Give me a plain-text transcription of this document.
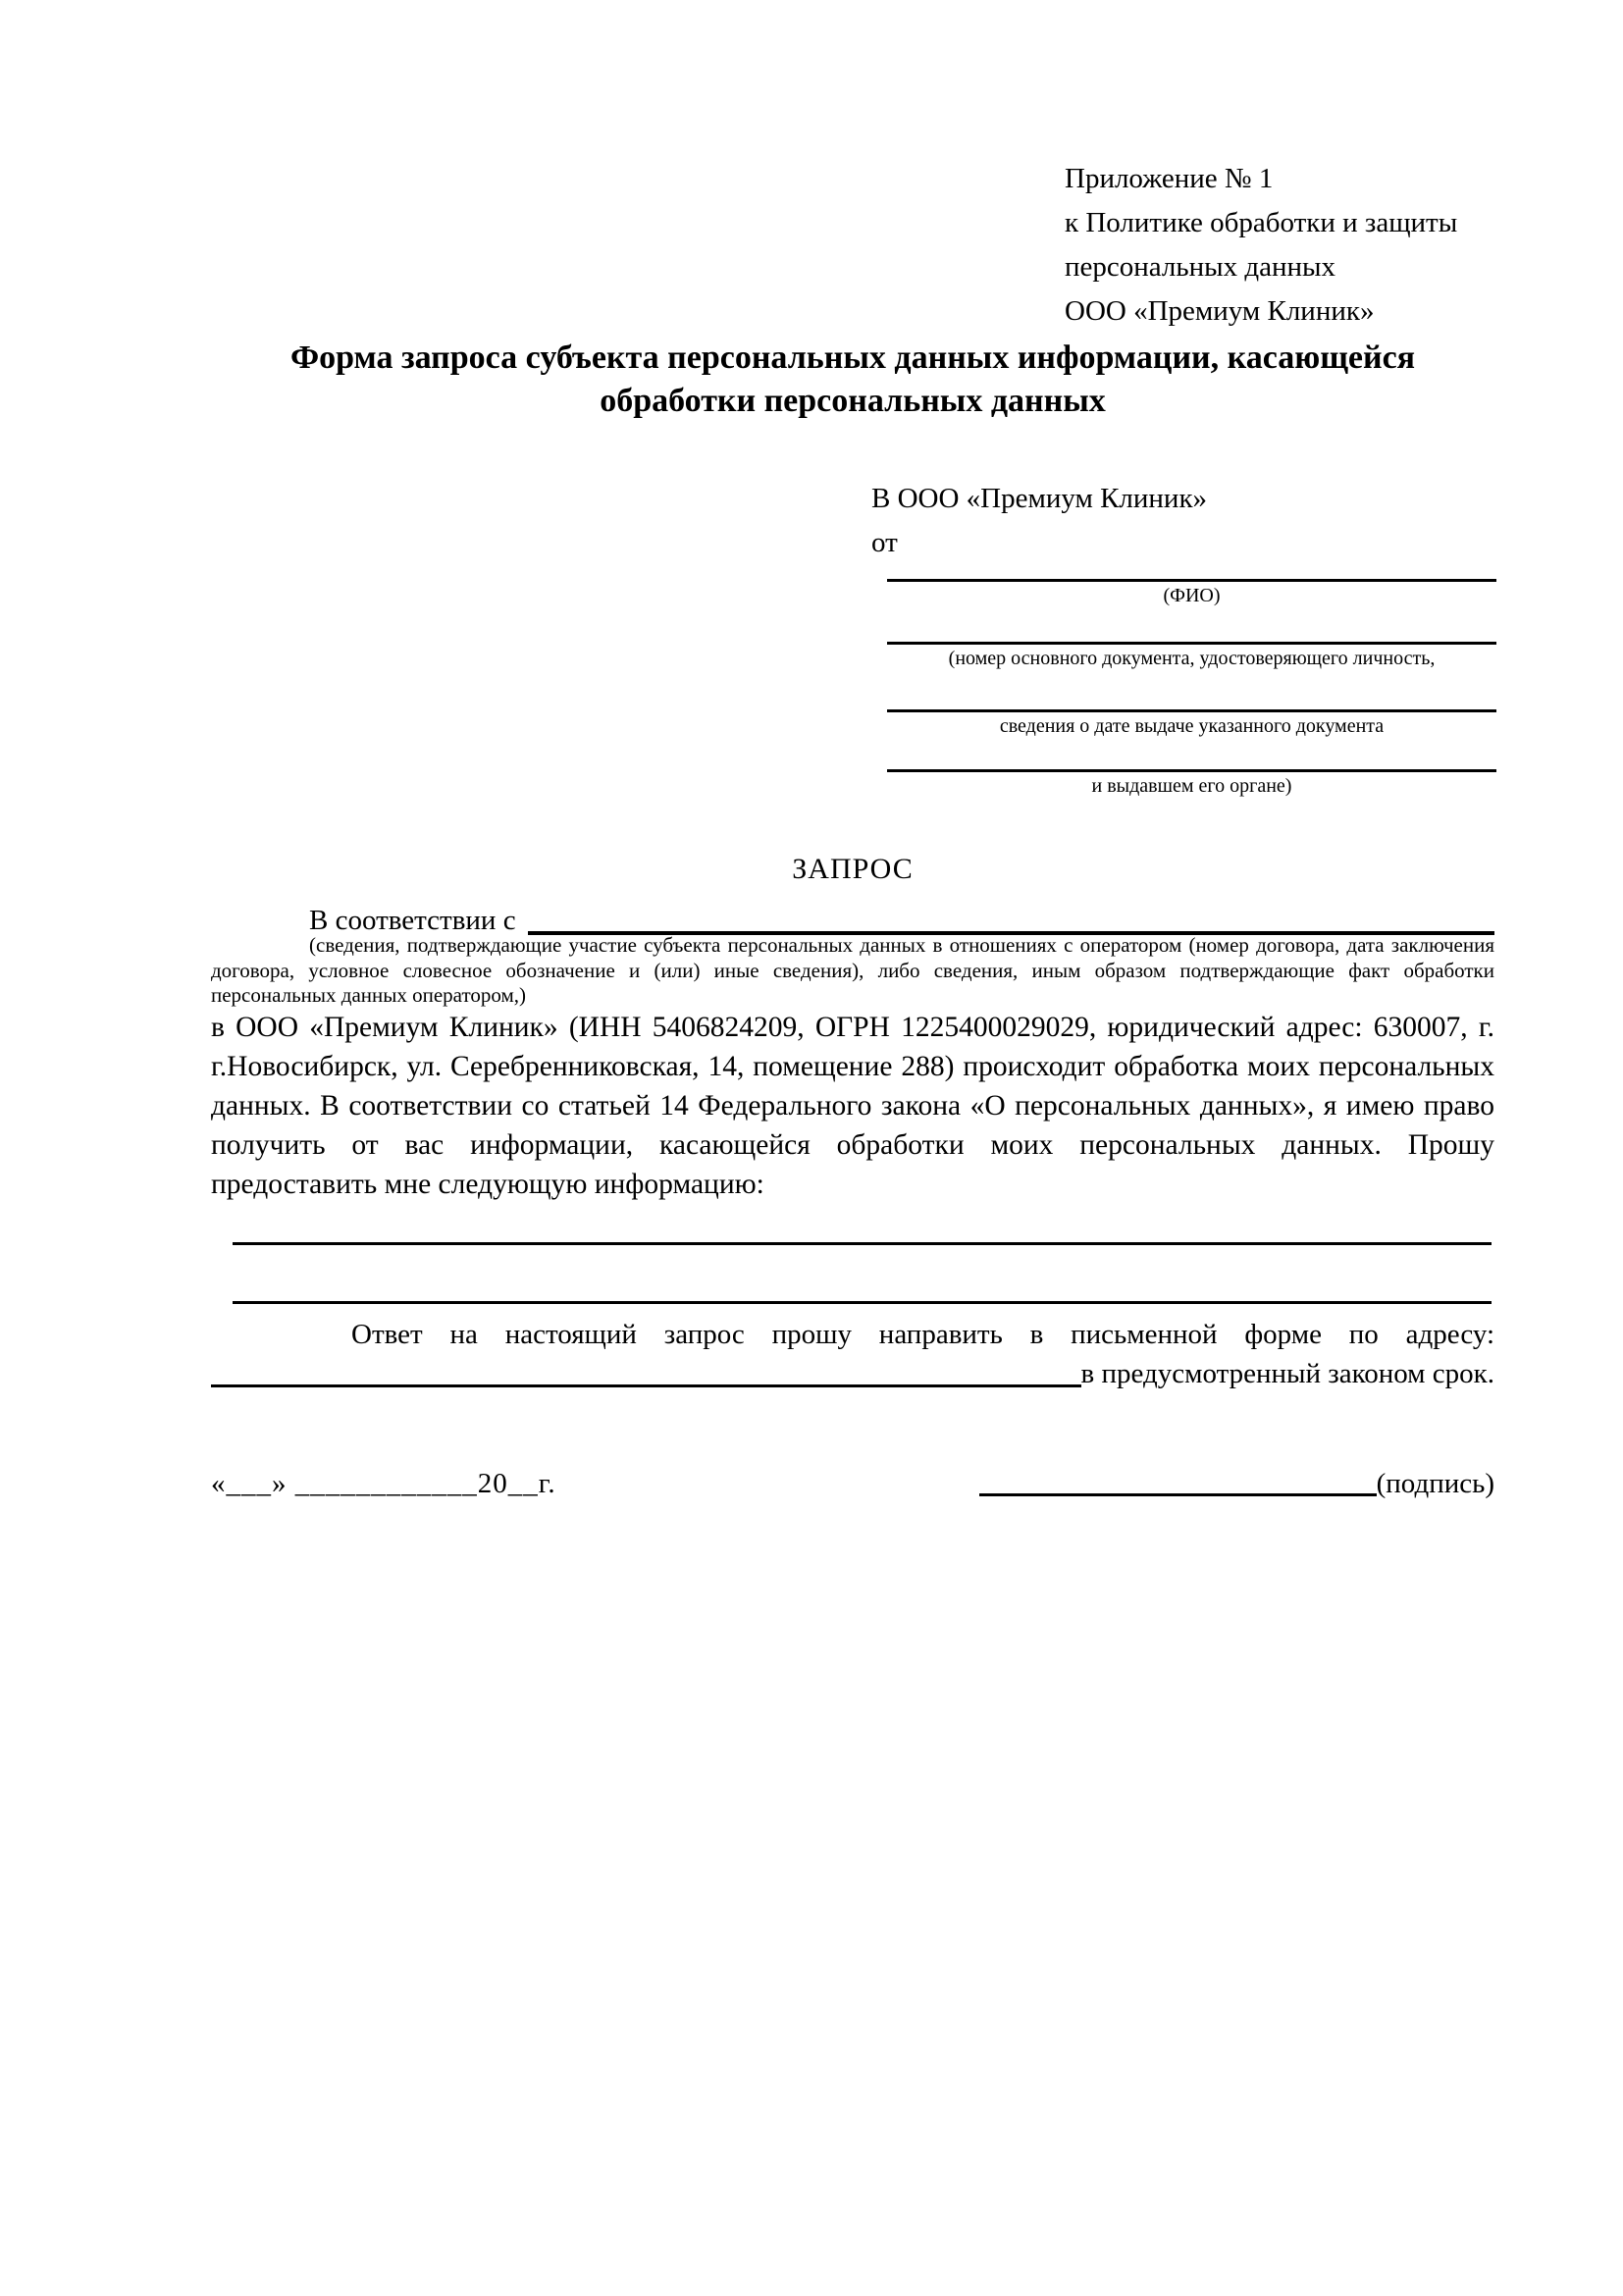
Приложение № 1
к Политике обработки и защиты
персональных данных
ООО «Премиум Клиник»
Форма запроса субъекта персональных данных информации, касающейся обработки персональных данных
В ООО «Премиум Клиник»
от
(ФИО)
(номер основного документа, удостоверяющего личность,
сведения о дате выдаче указанного документа
и выдавшем его органе)
ЗАПРОС
В соответствии с
(сведения, подтверждающие участие субъекта персональных данных в отношениях с оператором (номер договора, дата заключения договора, условное словесное обозначение и (или) иные сведения), либо сведения, иным образом подтверждающие факт обработки персональных данных оператором,)
в ООО «Премиум Клиник» (ИНН 5406824209, ОГРН 1225400029029, юридический адрес: 630007, г. г.Новосибирск, ул. Серебренниковская, 14, помещение 288) происходит обработка моих персональных данных. В соответствии со статьей 14 Федерального закона «О персональных данных», я имею право получить от вас информации, касающейся обработки моих персональных данных. Прошу предоставить мне следующую информацию:
Ответ на настоящий запрос прошу направить в письменной форме по адресу:
в предусмотренный законом срок.
«___» ____________20__г.	(подпись)
